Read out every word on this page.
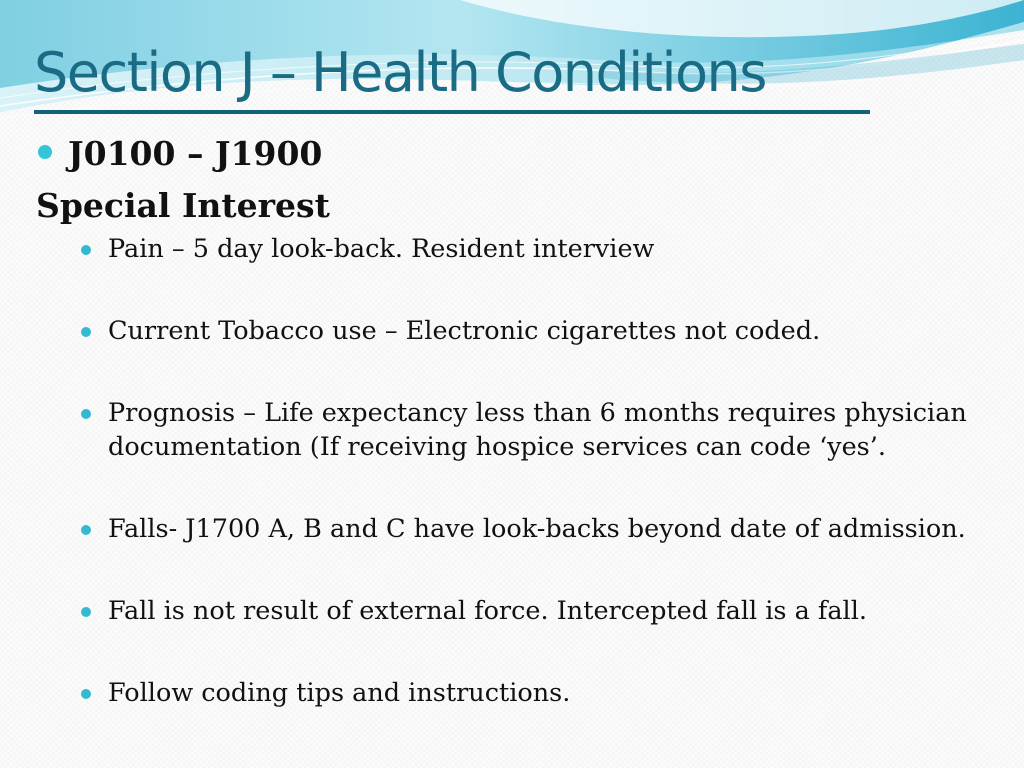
Section J – Health Conditions
J0100 – J1900
Special Interest
Pain – 5 day look-back. Resident interview
Current Tobacco use – Electronic cigarettes not coded.
Prognosis – Life expectancy less than 6 months requires physician documentation (If receiving hospice services can code ‘yes’.
Falls- J1700 A, B and C have look-backs beyond date of admission.
Fall is not result of external force. Intercepted fall is a fall.
Follow coding tips and instructions.
